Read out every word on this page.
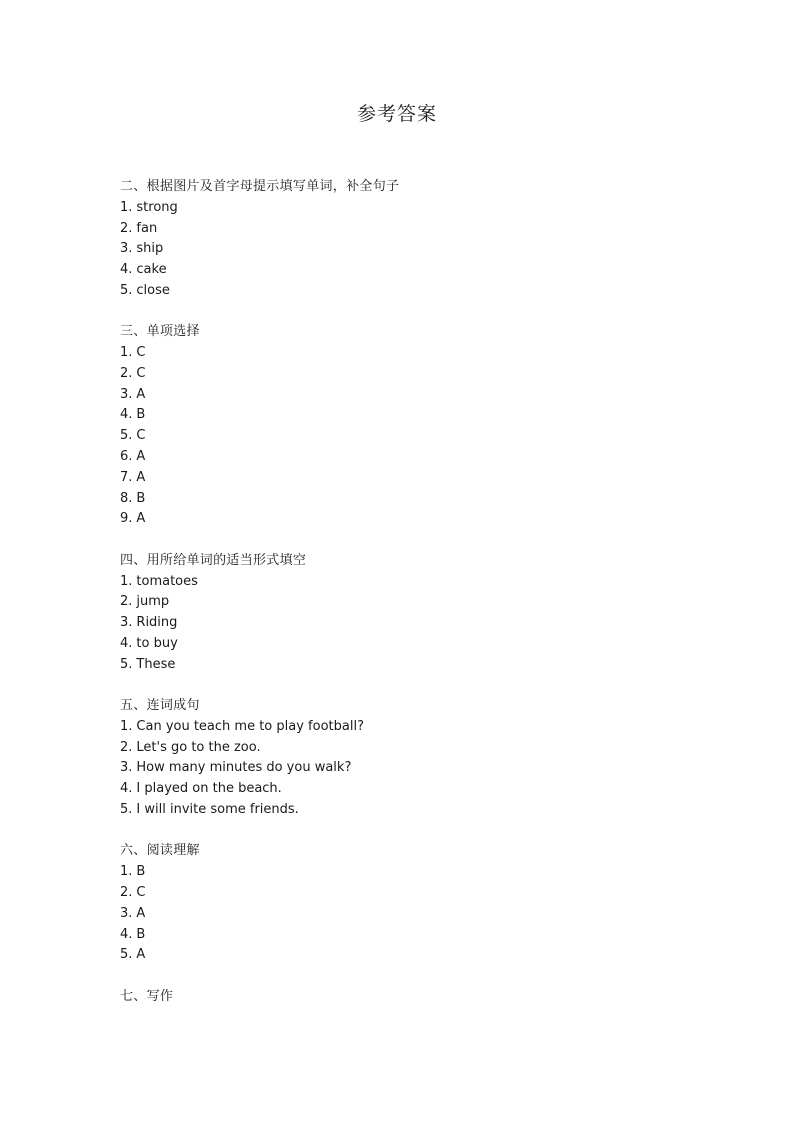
参考答案
二、根据图片及首字母提示填写单词，补全句子
1. strong
2. fan
3. ship
4. cake
5. close
三、单项选择
1. C
2. C
3. A
4. B
5. C
6. A
7. A
8. B
9. A
四、用所给单词的适当形式填空
1. tomatoes
2. jump
3. Riding
4. to buy
5. These
五、连词成句
1. Can you teach me to play football?
2. Let's go to the zoo.
3. How many minutes do you walk?
4. I played on the beach.
5. I will invite some friends.
六、阅读理解
1. B
2. C
3. A
4. B
5. A
七、写作
